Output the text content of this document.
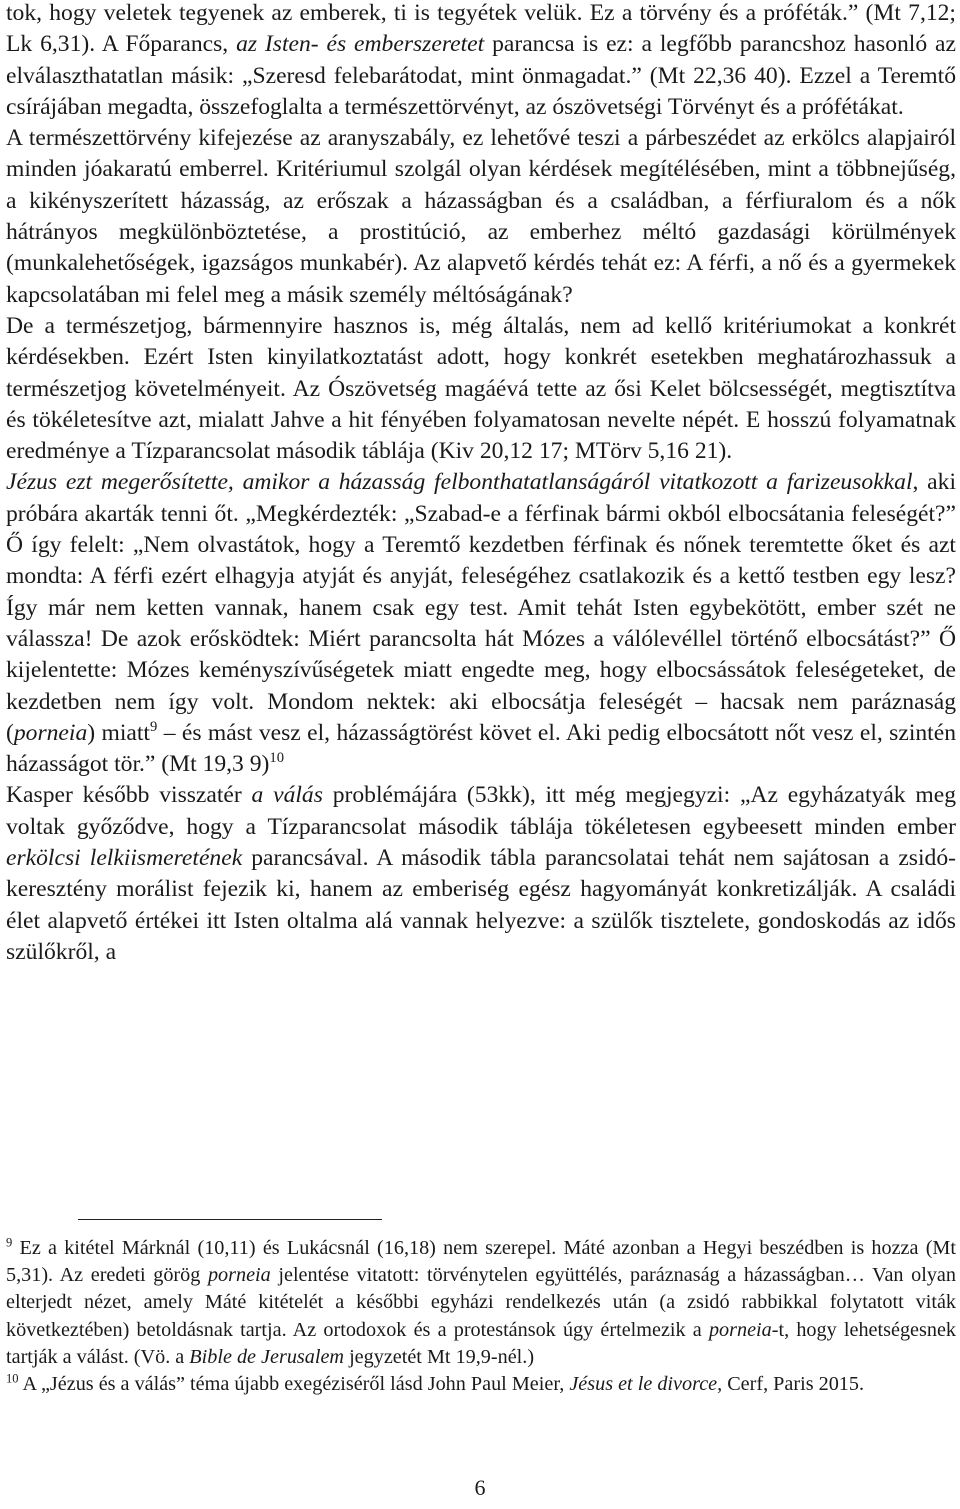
tok, hogy veletek tegyenek az emberek, ti is tegyétek velük. Ez a törvény és a próféták.” (Mt 7,12; Lk 6,31). A Főparancs, az Isten- és emberszeretet parancsa is ez: a legfőbb parancshoz hasonló az elválaszthatatlan másik: „Szeresd felebarátodat, mint önmagadat.” (Mt 22,36 40). Ezzel a Teremtő csírájában megadta, összefoglalta a természettörvényt, az ószövetségi Törvényt és a prófétákat.

A természettörvény kifejezése az aranyszabály, ez lehetővé teszi a párbeszédet az erkölcs alapjairól minden jóakaratú emberrel. Kritériumul szolgál olyan kérdések megítélésében, mint a többnejűség, a kikényszerített házasság, az erőszak a házasságban és a családban, a férfiuralom és a nők hátrányos megkülönböztetése, a prostitúció, az emberhez méltó gazdasági körülmények (munkalehetőségek, igazságos munkabér). Az alapvető kérdés tehát ez: A férfi, a nő és a gyermekek kapcsolatában mi felel meg a másik személy méltóságának?

De a természetjog, bármennyire hasznos is, még általás, nem ad kellő kritériumokat a konkrét kérdésekben. Ezért Isten kinyilatkoztatást adott, hogy konkrét esetekben meghatározhassuk a természetjog követelményeit. Az Ószövetség magáévá tette az ősi Kelet bölcsességét, megtisztítva és tökéletesítve azt, mialatt Jahve a hit fényében folyamatosan nevelte népét. E hosszú folyamatnak eredménye a Tízparancsolat második táblája (Kiv 20,12 17; MTörv 5,16 21).

Jézus ezt megerősítette, amikor a házasság felbonthatatlanságáról vitatkozott a farizeusokkal, aki próbára akarták tenni őt. „Megkérdezték: „Szabad-e a férfinak bármi okból elbocsátania feleségét?” Ő így felelt: „Nem olvastátok, hogy a Teremtő kezdetben férfinak és nőnek teremtette őket és azt mondta: A férfi ezért elhagyja atyját és anyját, feleségéhez csatlakozik és a kettő testben egy lesz? Így már nem ketten vannak, hanem csak egy test. Amit tehát Isten egybekötött, ember szét ne válassza! De azok erősködtek: Miért parancsolta hát Mózes a válólevéllel történő elbocsátást?” Ő kijelentette: Mózes keményszívűségetek miatt engedte meg, hogy elbocsássátok feleségeteket, de kezdetben nem így volt. Mondom nektek: aki elbocsátja feleségét – hacsak nem paráznaság (porneia) miatt$^9$ – és mást vesz el, házasságtörést követ el. Aki pedig elbocsátott nőt vesz el, szintén házasságot tör.” (Mt 19,3 9)$^{10}$

Kasper később visszatér a válás problémájára (53kk), itt még megjegyzi: „Az egyházatyák meg voltak győződve, hogy a Tízparancsolat második táblája tökéletesen egybeesett minden ember erkölcsi lelkiismeretének parancsával. A második tábla parancsolatai tehát nem sajátosan a zsidó-keresztény morálist fejezik ki, hanem az emberiség egész hagyományát konkretizálják. A családi élet alapvető értékei itt Isten oltalma alá vannak helyezve: a szülők tisztelete, gondoskodás az idős szülőkről, a

$^9$ Ez a kitétel Márknál (10,11) és Lukácsnál (16,18) nem szerepel. Máté azonban a Hegyi beszédben is hozza (Mt 5,31). Az eredeti görög porneia jelentése vitatott: törvénytelen együttélés, paráznaság a házasságban… Van olyan elterjedt nézet, amely Máté kitételét a későbbi egyházi rendelkezés után (a zsidó rabbikkal folytatott viták következtében) betoldásnak tartja. Az ortodoxok és a protestánsok úgy értelmezik a porneia-t, hogy lehetségesnek tartják a válást. (Vö. a Bible de Jerusalem jegyzetét Mt 19,9-nél.)

$^{10}$ A „Jézus és a válás” téma újabb exegéziséről lásd John Paul Meier, Jésus et le divorce, Cerf, Paris 2015.

6
